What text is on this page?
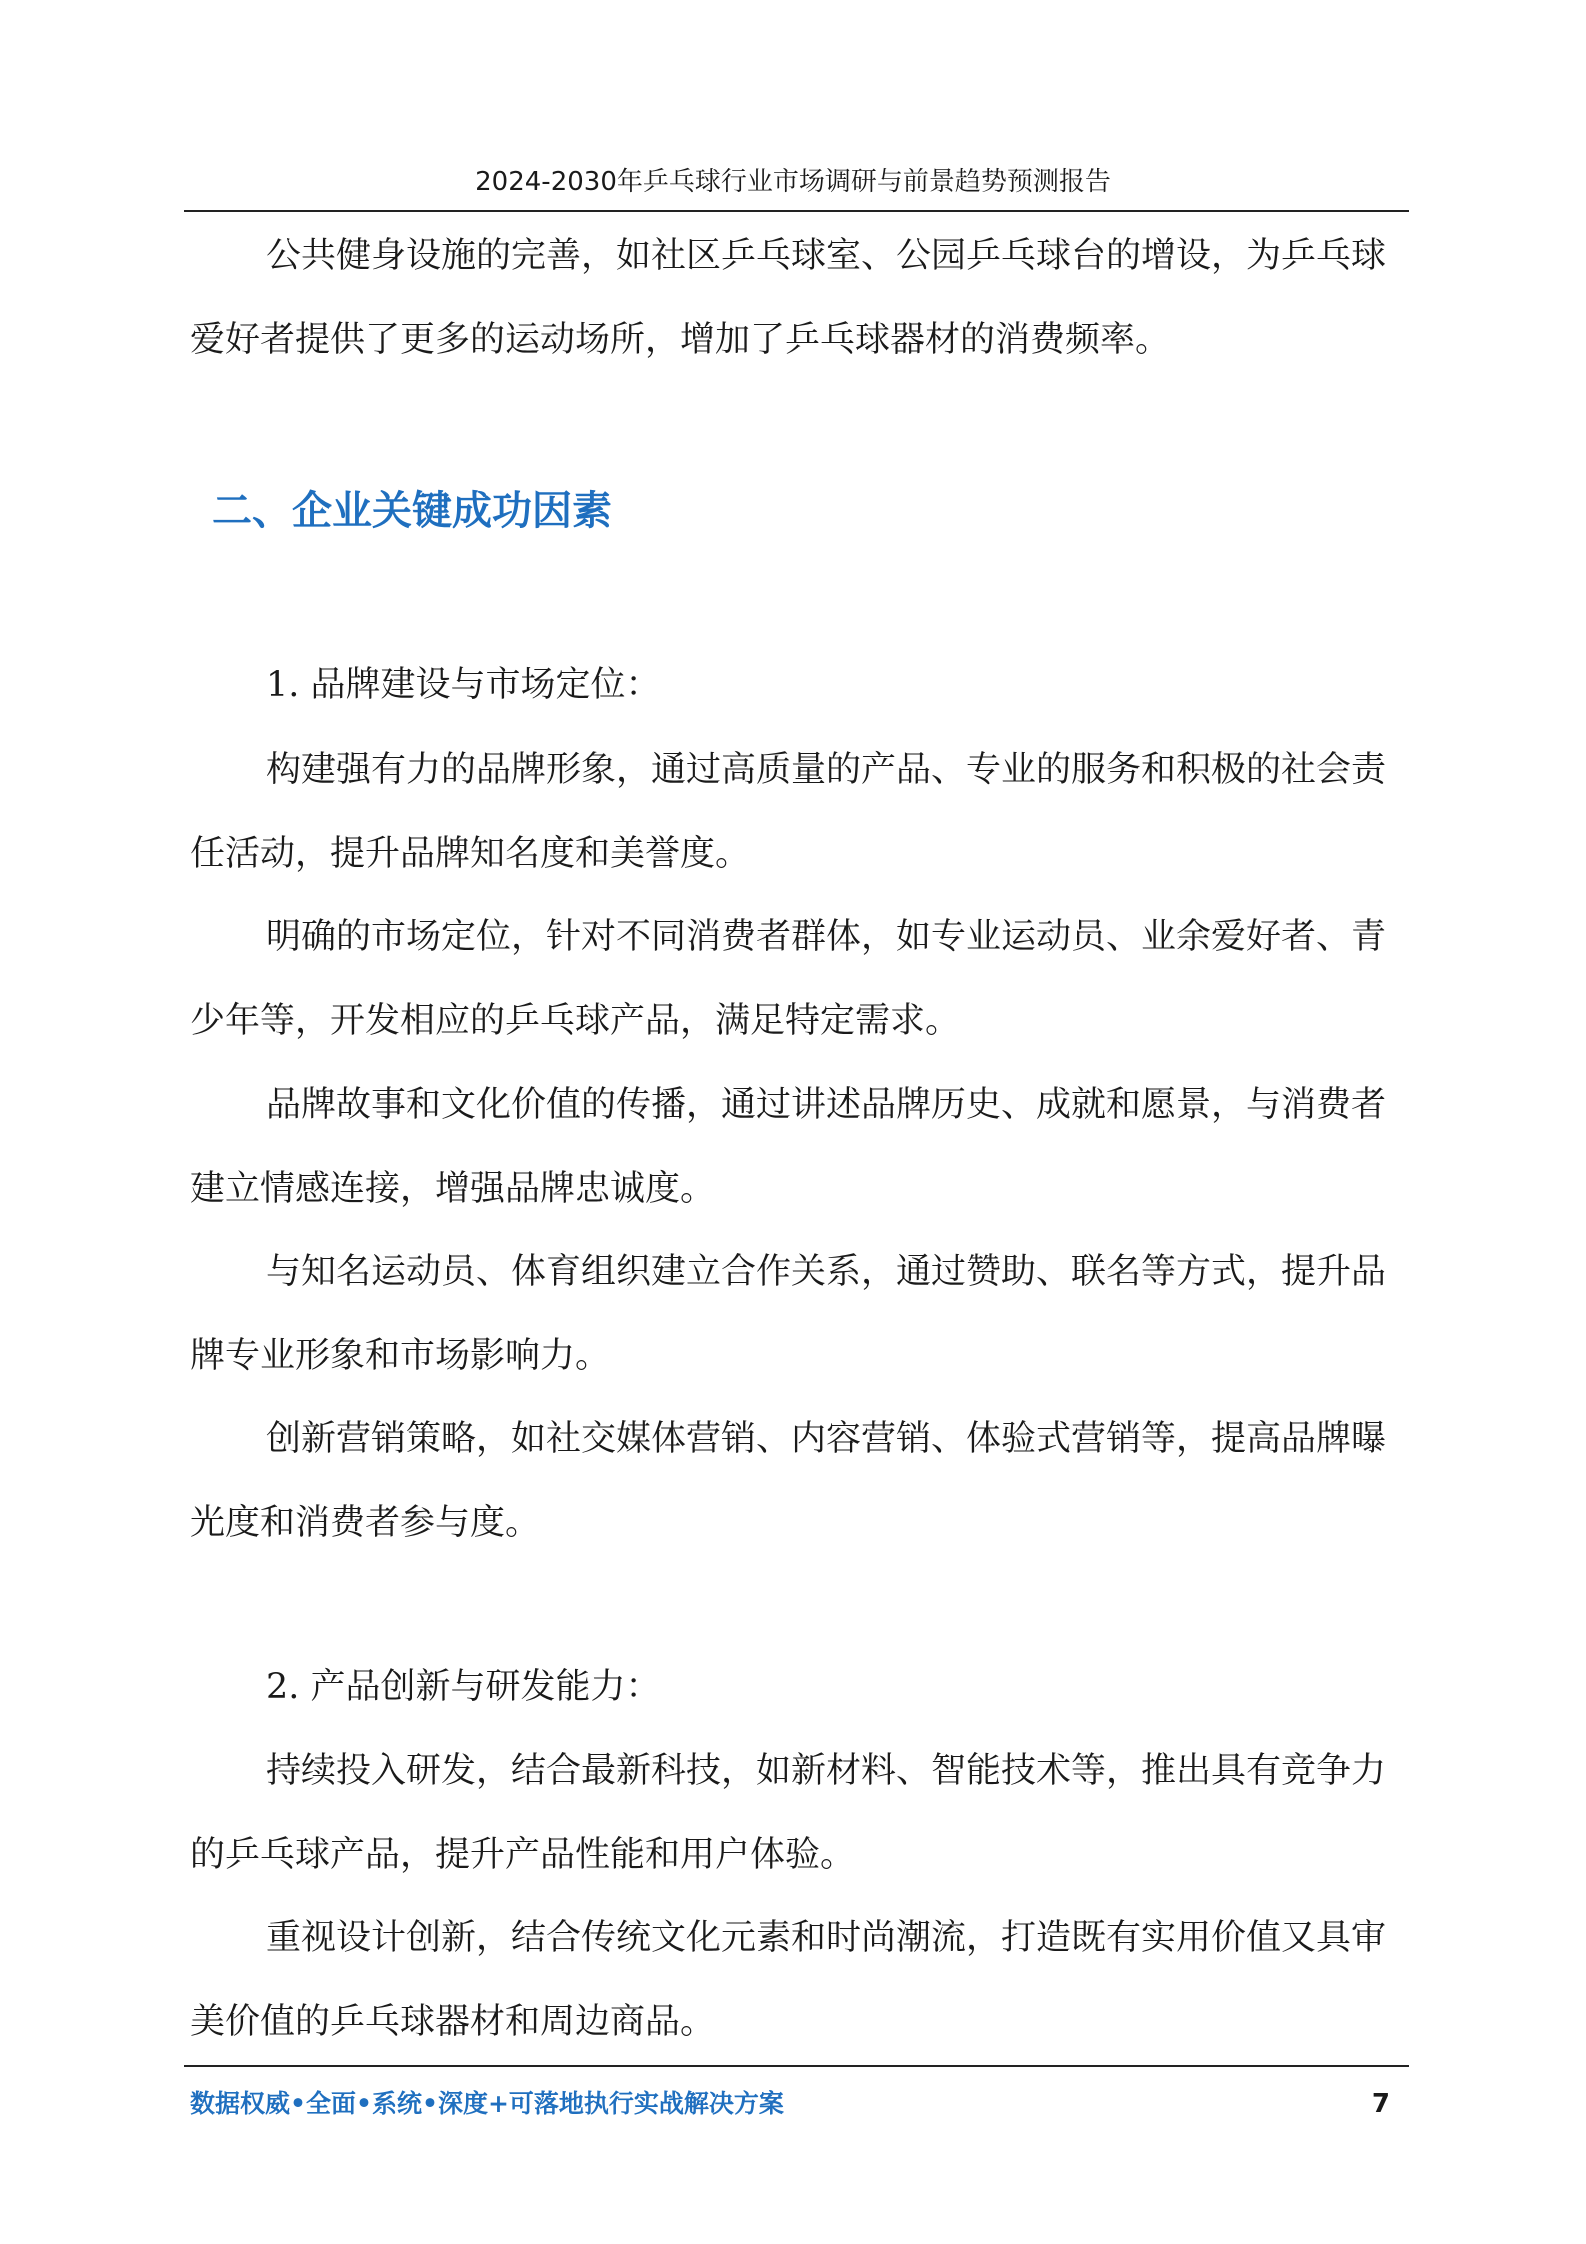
2024-2030年乒乓球行业市场调研与前景趋势预测报告

公共健身设施的完善，如社区乒乓球室、公园乒乓球台的增设，为乒乓球爱好者提供了更多的运动场所，增加了乒乓球器材的消费频率。

1. 品牌建设与市场定位：

构建强有力的品牌形象，通过高质量的产品、专业的服务和积极的社会责任活动，提升品牌知名度和美誉度。

明确的市场定位，针对不同消费者群体，如专业运动员、业余爱好者、青少年等，开发相应的乒乓球产品，满足特定需求。

品牌故事和文化价值的传播，通过讲述品牌历史、成就和愿景，与消费者建立情感连接，增强品牌忠诚度。

与知名运动员、体育组织建立合作关系，通过赞助、联名等方式，提升品牌专业形象和市场影响力。

创新营销策略，如社交媒体营销、内容营销、体验式营销等，提高品牌曝光度和消费者参与度。

2. 产品创新与研发能力：

持续投入研发，结合最新科技，如新材料、智能技术等，推出具有竞争力的乒乓球产品，提升产品性能和用户体验。

重视设计创新，结合传统文化元素和时尚潮流，打造既有实用价值又具审美价值的乒乓球器材和周边商品。

二、企业关键成功因素
数据权威•全面•系统•深度+可落地执行实战解决方案	7
